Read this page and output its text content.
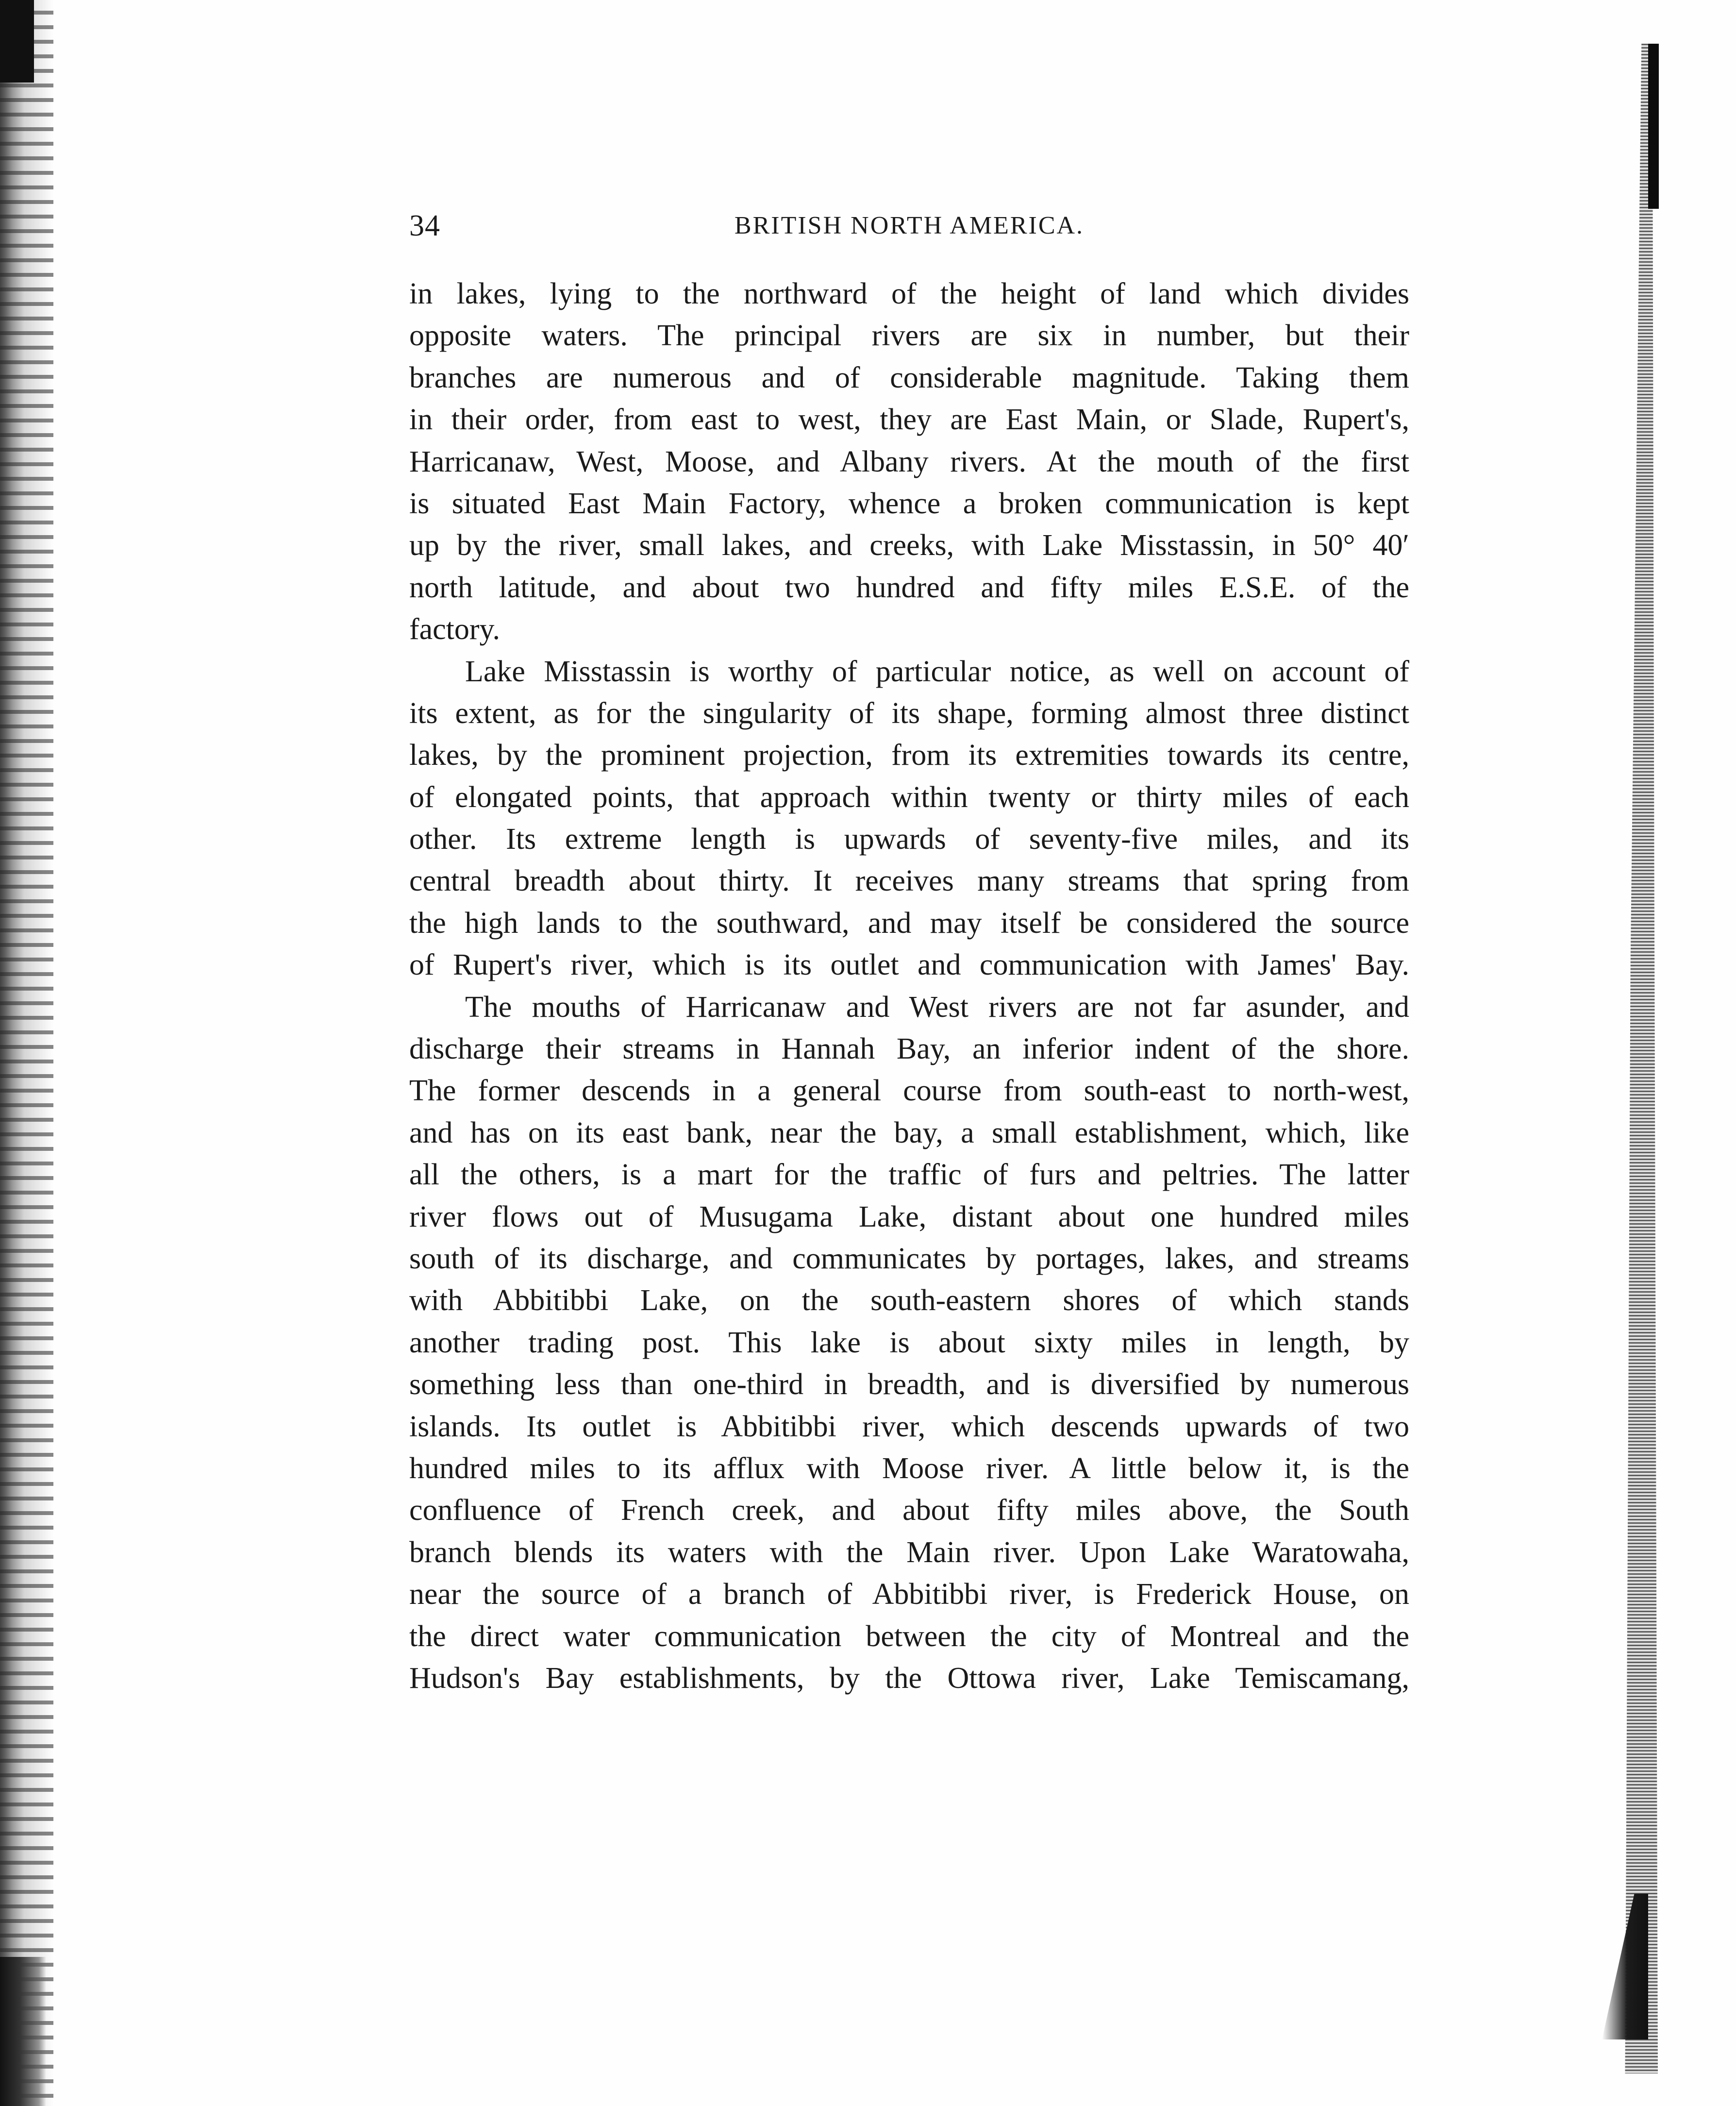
34	BRITISH NORTH AMERICA.
in lakes, lying to the northward of the height of land which divides
opposite waters. The principal rivers are six in number, but their
branches are numerous and of considerable magnitude. Taking them
in their order, from east to west, they are East Main, or Slade, Rupert's,
Harricanaw, West, Moose, and Albany rivers. At the mouth of the first
is situated East Main Factory, whence a broken communication is kept
up by the river, small lakes, and creeks, with Lake Misstassin, in 50° 40′
north latitude, and about two hundred and fifty miles E.S.E. of the
factory.
Lake Misstassin is worthy of particular notice, as well on account of
its extent, as for the singularity of its shape, forming almost three distinct
lakes, by the prominent projection, from its extremities towards its centre,
of elongated points, that approach within twenty or thirty miles of each
other. Its extreme length is upwards of seventy-five miles, and its
central breadth about thirty. It receives many streams that spring from
the high lands to the southward, and may itself be considered the source
of Rupert's river, which is its outlet and communication with James' Bay.
The mouths of Harricanaw and West rivers are not far asunder, and
discharge their streams in Hannah Bay, an inferior indent of the shore.
The former descends in a general course from south-east to north-west,
and has on its east bank, near the bay, a small establishment, which, like
all the others, is a mart for the traffic of furs and peltries. The latter
river flows out of Musugama Lake, distant about one hundred miles
south of its discharge, and communicates by portages, lakes, and streams
with Abbitibbi Lake, on the south-eastern shores of which stands
another trading post. This lake is about sixty miles in length, by
something less than one-third in breadth, and is diversified by numerous
islands. Its outlet is Abbitibbi river, which descends upwards of two
hundred miles to its afflux with Moose river. A little below it, is the
confluence of French creek, and about fifty miles above, the South
branch blends its waters with the Main river. Upon Lake Waratowaha,
near the source of a branch of Abbitibbi river, is Frederick House, on
the direct water communication between the city of Montreal and the
Hudson's Bay establishments, by the Ottowa river, Lake Temiscamang,
